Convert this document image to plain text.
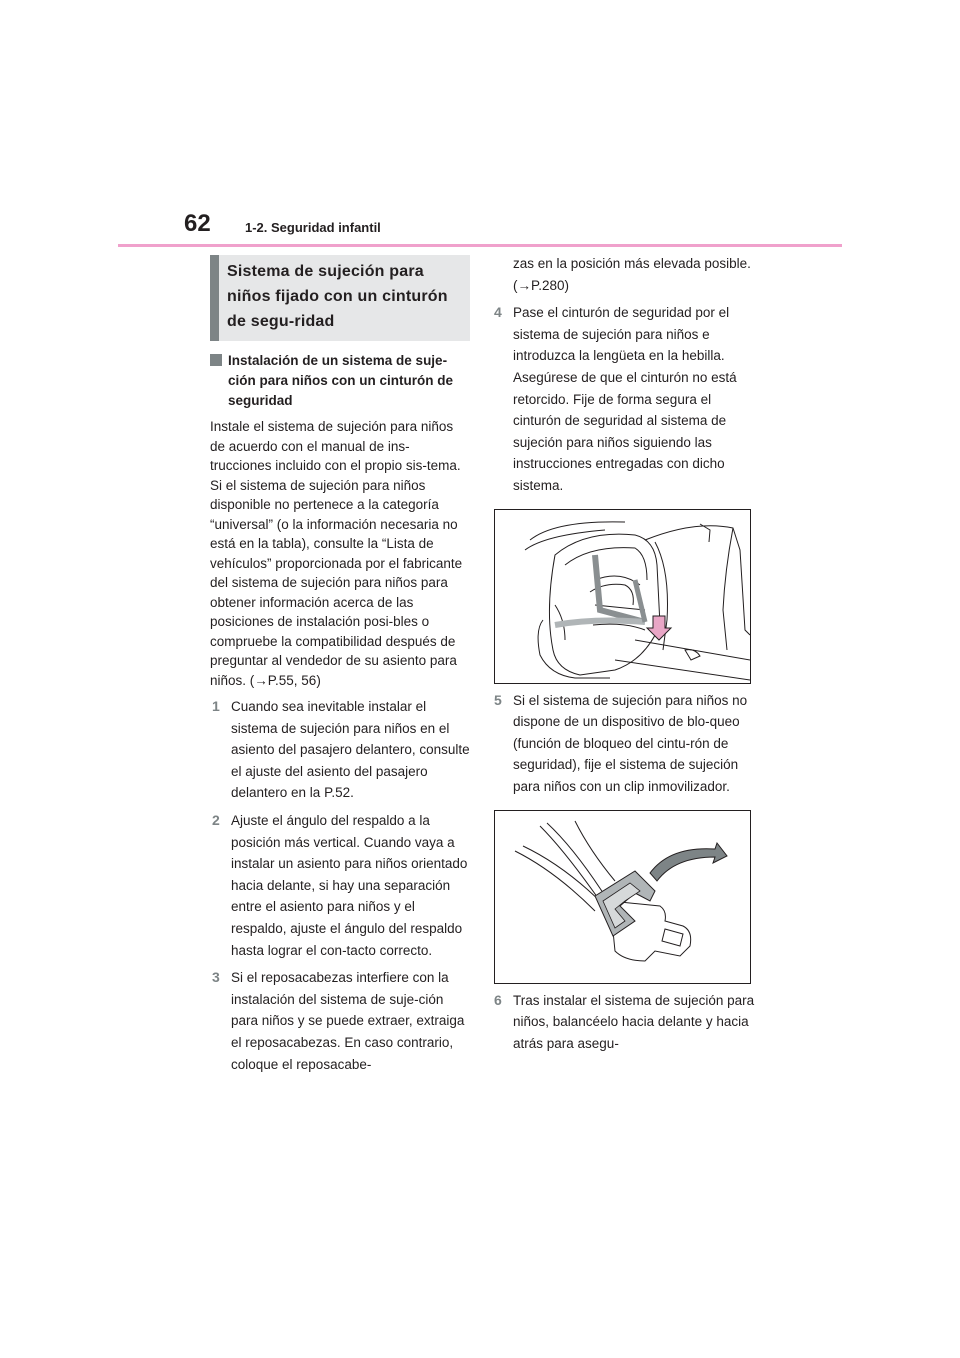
62	1-2. Seguridad infantil
Sistema de sujeción para niños fijado con un cinturón de segu-ridad
Instalación de un sistema de suje-ción para niños con un cinturón de seguridad
Instale el sistema de sujeción para niños de acuerdo con el manual de ins-trucciones incluido con el propio sis-tema.
Si el sistema de sujeción para niños disponible no pertenece a la categoría “universal” (o la información necesaria no está en la tabla), consulte la “Lista de vehículos” proporcionada por el fabricante del sistema de sujeción para niños para obtener información acerca de las posiciones de instalación posi-bles o compruebe la compatibilidad después de preguntar al vendedor de su asiento para niños. (→P.55, 56)
1 Cuando sea inevitable instalar el sistema de sujeción para niños en el asiento del pasajero delantero, consulte el ajuste del asiento del pasajero delantero en la P.52.
2 Ajuste el ángulo del respaldo a la posición más vertical. Cuando vaya a instalar un asiento para niños orientado hacia delante, si hay una separación entre el asiento para niños y el respaldo, ajuste el ángulo del respaldo hasta lograr el con-tacto correcto.
3 Si el reposacabezas interfiere con la instalación del sistema de suje-ción para niños y se puede extraer, extraiga el reposacabezas. En caso contrario, coloque el reposacabe-
zas en la posición más elevada posible. (→P.280)
4 Pase el cinturón de seguridad por el sistema de sujeción para niños e introduzca la lengüeta en la hebilla. Asegúrese de que el cinturón no está retorcido. Fije de forma segura el cinturón de seguridad al sistema de sujeción para niños siguiendo las instrucciones entregadas con dicho sistema.
5 Si el sistema de sujeción para niños no dispone de un dispositivo de blo-queo (función de bloqueo del cintu-rón de seguridad), fije el sistema de sujeción para niños con un clip inmovilizador.
6 Tras instalar el sistema de sujeción para niños, balancéelo hacia delante y hacia atrás para asegu-
